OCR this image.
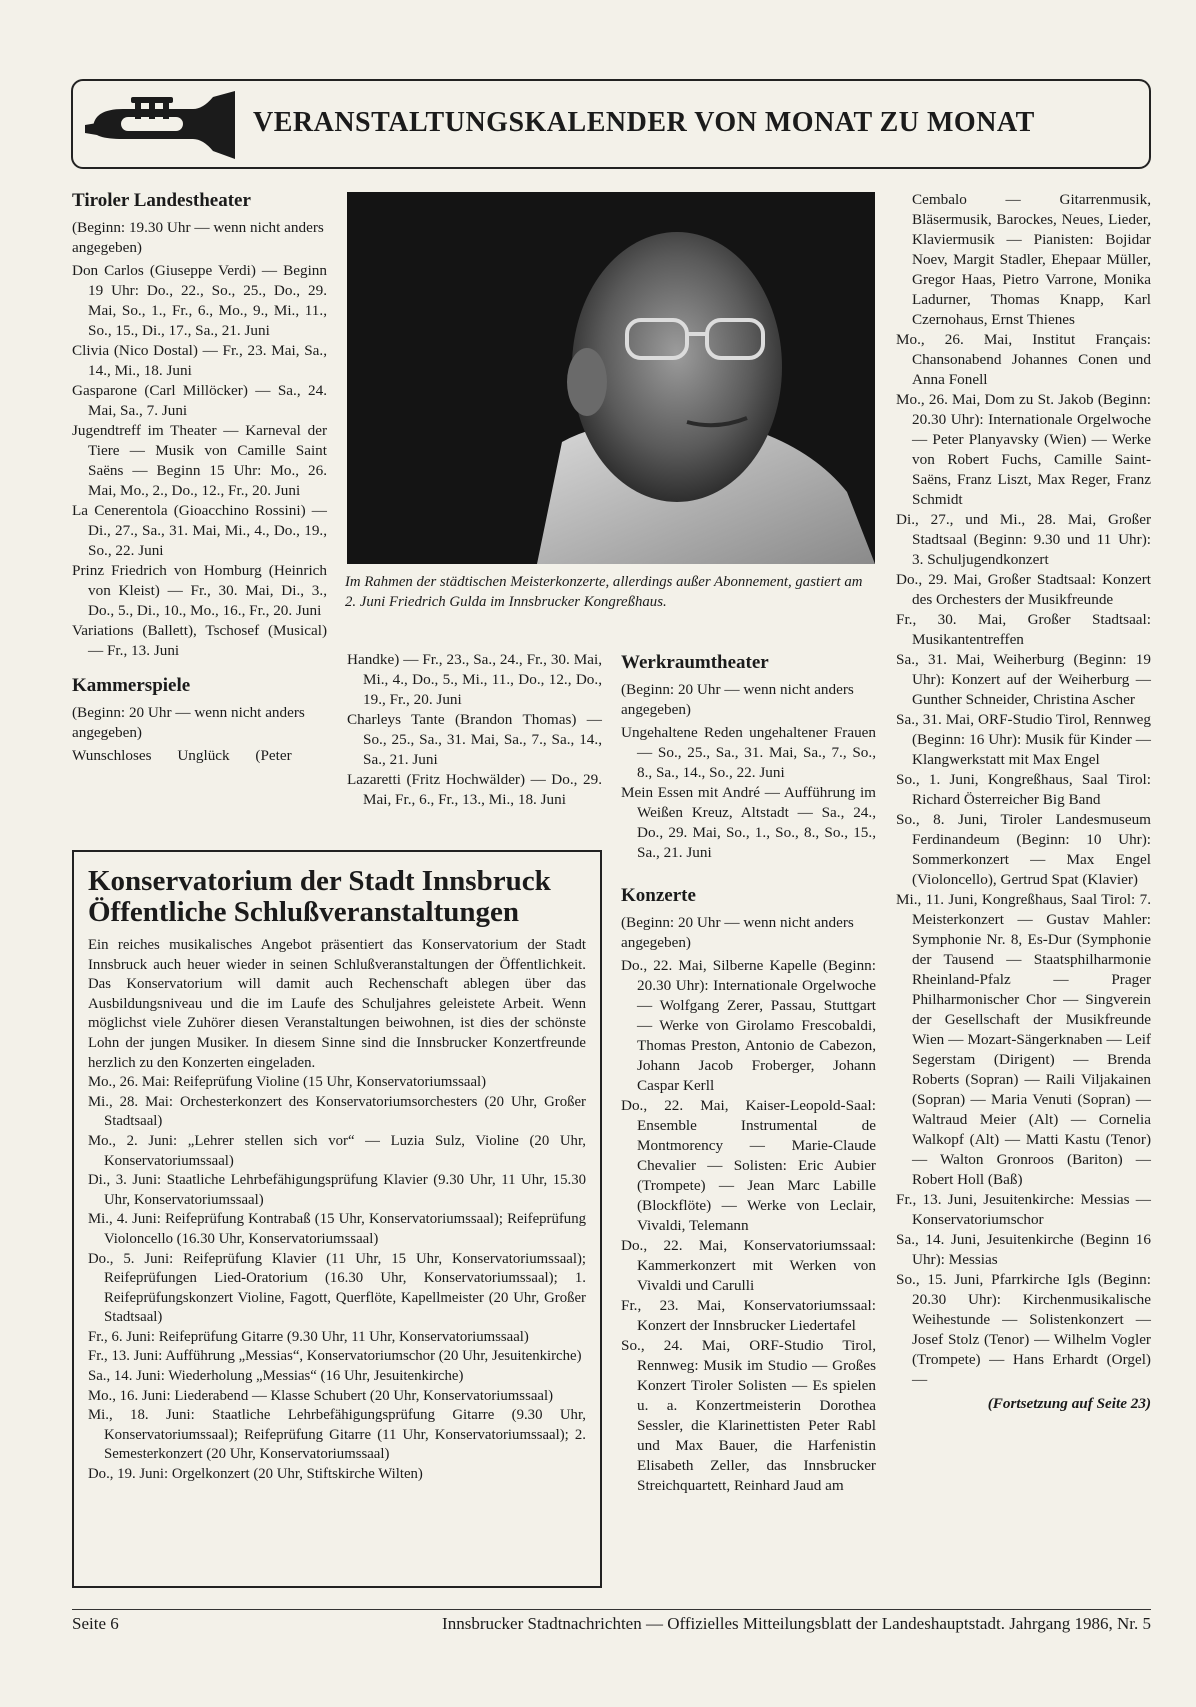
VERANSTALTUNGSKALENDER VON MONAT ZU MONAT
Tiroler Landestheater

(Beginn: 19.30 Uhr — wenn nicht anders angegeben)

Don Carlos (Giuseppe Verdi) — Beginn 19 Uhr: Do., 22., So., 25., Do., 29. Mai, So., 1., Fr., 6., Mo., 9., Mi., 11., So., 15., Di., 17., Sa., 21. Juni

Clivia (Nico Dostal) — Fr., 23. Mai, Sa., 14., Mi., 18. Juni

Gasparone (Carl Millöcker) — Sa., 24. Mai, Sa., 7. Juni

Jugendtreff im Theater — Karneval der Tiere — Musik von Camille Saint Saëns — Beginn 15 Uhr: Mo., 26. Mai, Mo., 2., Do., 12., Fr., 20. Juni

La Cenerentola (Gioacchino Rossini) — Di., 27., Sa., 31. Mai, Mi., 4., Do., 19., So., 22. Juni

Prinz Friedrich von Homburg (Heinrich von Kleist) — Fr., 30. Mai, Di., 3., Do., 5., Di., 10., Mo., 16., Fr., 20. Juni

Variations (Ballett), Tschosef (Musical) — Fr., 13. Juni

Kammerspiele

(Beginn: 20 Uhr — wenn nicht anders angegeben)

Wunschloses Unglück (Peter

Im Rahmen der städtischen Meisterkonzerte, allerdings außer Abonnement, gastiert am 2. Juni Friedrich Gulda im Innsbrucker Kongreßhaus.

Handke) — Fr., 23., Sa., 24., Fr., 30. Mai, Mi., 4., Do., 5., Mi., 11., Do., 12., Do., 19., Fr., 20. Juni

Charleys Tante (Brandon Thomas) — So., 25., Sa., 31. Mai, Sa., 7., Sa., 14., Sa., 21. Juni

Lazaretti (Fritz Hochwälder) — Do., 29. Mai, Fr., 6., Fr., 13., Mi., 18. Juni

Konservatorium der Stadt Innsbruck
Öffentliche Schlußveranstaltungen

Ein reiches musikalisches Angebot präsentiert das Konservatorium der Stadt Innsbruck auch heuer wieder in seinen Schlußveranstaltungen der Öffentlichkeit. Das Konservatorium will damit auch Rechenschaft ablegen über das Ausbildungsniveau und die im Laufe des Schuljahres geleistete Arbeit. Wenn möglichst viele Zuhörer diesen Veranstaltungen beiwohnen, ist dies der schönste Lohn der jungen Musiker. In diesem Sinne sind die Innsbrucker Konzertfreunde herzlich zu den Konzerten eingeladen.

Mo., 26. Mai: Reifeprüfung Violine (15 Uhr, Konservatoriumssaal)

Mi., 28. Mai: Orchesterkonzert des Konservatoriumsorchesters (20 Uhr, Großer Stadtsaal)

Mo., 2. Juni: „Lehrer stellen sich vor“ — Luzia Sulz, Violine (20 Uhr, Konservatoriumssaal)

Di., 3. Juni: Staatliche Lehrbefähigungsprüfung Klavier (9.30 Uhr, 11 Uhr, 15.30 Uhr, Konservatoriumssaal)

Mi., 4. Juni: Reifeprüfung Kontrabaß (15 Uhr, Konservatoriumssaal); Reifeprüfung Violoncello (16.30 Uhr, Konservatoriumssaal)

Do., 5. Juni: Reifeprüfung Klavier (11 Uhr, 15 Uhr, Konservatoriumssaal); Reifeprüfungen Lied-Oratorium (16.30 Uhr, Konservatoriumssaal); 1. Reifeprüfungskonzert Violine, Fagott, Querflöte, Kapellmeister (20 Uhr, Großer Stadtsaal)

Fr., 6. Juni: Reifeprüfung Gitarre (9.30 Uhr, 11 Uhr, Konservatoriumssaal)

Fr., 13. Juni: Aufführung „Messias“, Konservatoriumschor (20 Uhr, Jesuitenkirche)

Sa., 14. Juni: Wiederholung „Messias“ (16 Uhr, Jesuitenkirche)

Mo., 16. Juni: Liederabend — Klasse Schubert (20 Uhr, Konservatoriumssaal)

Mi., 18. Juni: Staatliche Lehrbefähigungsprüfung Gitarre (9.30 Uhr, Konservatoriumssaal); Reifeprüfung Gitarre (11 Uhr, Konservatoriumssaal); 2. Semesterkonzert (20 Uhr, Konservatoriumssaal)

Do., 19. Juni: Orgelkonzert (20 Uhr, Stiftskirche Wilten)

Werkraumtheater

(Beginn: 20 Uhr — wenn nicht anders angegeben)

Ungehaltene Reden ungehaltener Frauen — So., 25., Sa., 31. Mai, Sa., 7., So., 8., Sa., 14., So., 22. Juni

Mein Essen mit André — Aufführung im Weißen Kreuz, Altstadt — Sa., 24., Do., 29. Mai, So., 1., So., 8., So., 15., Sa., 21. Juni

Konzerte

(Beginn: 20 Uhr — wenn nicht anders angegeben)

Do., 22. Mai, Silberne Kapelle (Beginn: 20.30 Uhr): Internationale Orgelwoche — Wolfgang Zerer, Passau, Stuttgart — Werke von Girolamo Frescobaldi, Thomas Preston, Antonio de Cabezon, Johann Jacob Froberger, Johann Caspar Kerll

Do., 22. Mai, Kaiser-Leopold-Saal: Ensemble Instrumental de Montmorency — Marie-Claude Chevalier — Solisten: Eric Aubier (Trompete) — Jean Marc Labille (Blockflöte) — Werke von Leclair, Vivaldi, Telemann

Do., 22. Mai, Konservatoriumssaal: Kammerkonzert mit Werken von Vivaldi und Carulli

Fr., 23. Mai, Konservatoriumssaal: Konzert der Innsbrucker Liedertafel

So., 24. Mai, ORF-Studio Tirol, Rennweg: Musik im Studio — Großes Konzert Tiroler Solisten — Es spielen u. a. Konzertmeisterin Dorothea Sessler, die Klarinettisten Peter Rabl und Max Bauer, die Harfenistin Elisabeth Zeller, das Innsbrucker Streichquartett, Reinhard Jaud am

Cembalo — Gitarrenmusik, Bläsermusik, Barockes, Neues, Lieder, Klaviermusik — Pianisten: Bojidar Noev, Margit Stadler, Ehepaar Müller, Gregor Haas, Pietro Varrone, Monika Ladurner, Thomas Knapp, Karl Czernohaus, Ernst Thienes

Mo., 26. Mai, Institut Français: Chansonabend Johannes Conen und Anna Fonell

Mo., 26. Mai, Dom zu St. Jakob (Beginn: 20.30 Uhr): Internationale Orgelwoche — Peter Planyavsky (Wien) — Werke von Robert Fuchs, Camille Saint-Saëns, Franz Liszt, Max Reger, Franz Schmidt

Di., 27., und Mi., 28. Mai, Großer Stadtsaal (Beginn: 9.30 und 11 Uhr): 3. Schuljugendkonzert

Do., 29. Mai, Großer Stadtsaal: Konzert des Orchesters der Musikfreunde

Fr., 30. Mai, Großer Stadtsaal: Musikantentreffen

Sa., 31. Mai, Weiherburg (Beginn: 19 Uhr): Konzert auf der Weiherburg — Gunther Schneider, Christina Ascher

Sa., 31. Mai, ORF-Studio Tirol, Rennweg (Beginn: 16 Uhr): Musik für Kinder — Klangwerkstatt mit Max Engel

So., 1. Juni, Kongreßhaus, Saal Tirol: Richard Österreicher Big Band

So., 8. Juni, Tiroler Landesmuseum Ferdinandeum (Beginn: 10 Uhr): Sommerkonzert — Max Engel (Violoncello), Gertrud Spat (Klavier)

Mi., 11. Juni, Kongreßhaus, Saal Tirol: 7. Meisterkonzert — Gustav Mahler: Symphonie Nr. 8, Es-Dur (Symphonie der Tausend — Staatsphilharmonie Rheinland-Pfalz — Prager Philharmonischer Chor — Singverein der Gesellschaft der Musikfreunde Wien — Mozart-Sängerknaben — Leif Segerstam (Dirigent) — Brenda Roberts (Sopran) — Raili Viljakainen (Sopran) — Maria Venuti (Sopran) — Waltraud Meier (Alt) — Cornelia Walkopf (Alt) — Matti Kastu (Tenor) — Walton Gronroos (Bariton) — Robert Holl (Baß)

Fr., 13. Juni, Jesuitenkirche: Messias — Konservatoriumschor

Sa., 14. Juni, Jesuitenkirche (Beginn 16 Uhr): Messias

So., 15. Juni, Pfarrkirche Igls (Beginn: 20.30 Uhr): Kirchenmusikalische Weihestunde — Solistenkonzert — Josef Stolz (Tenor) — Wilhelm Vogler (Trompete) — Hans Erhardt (Orgel) —

(Fortsetzung auf Seite 23)

Seite 6	Innsbrucker Stadtnachrichten — Offizielles Mitteilungsblatt der Landeshauptstadt. Jahrgang 1986, Nr. 5
